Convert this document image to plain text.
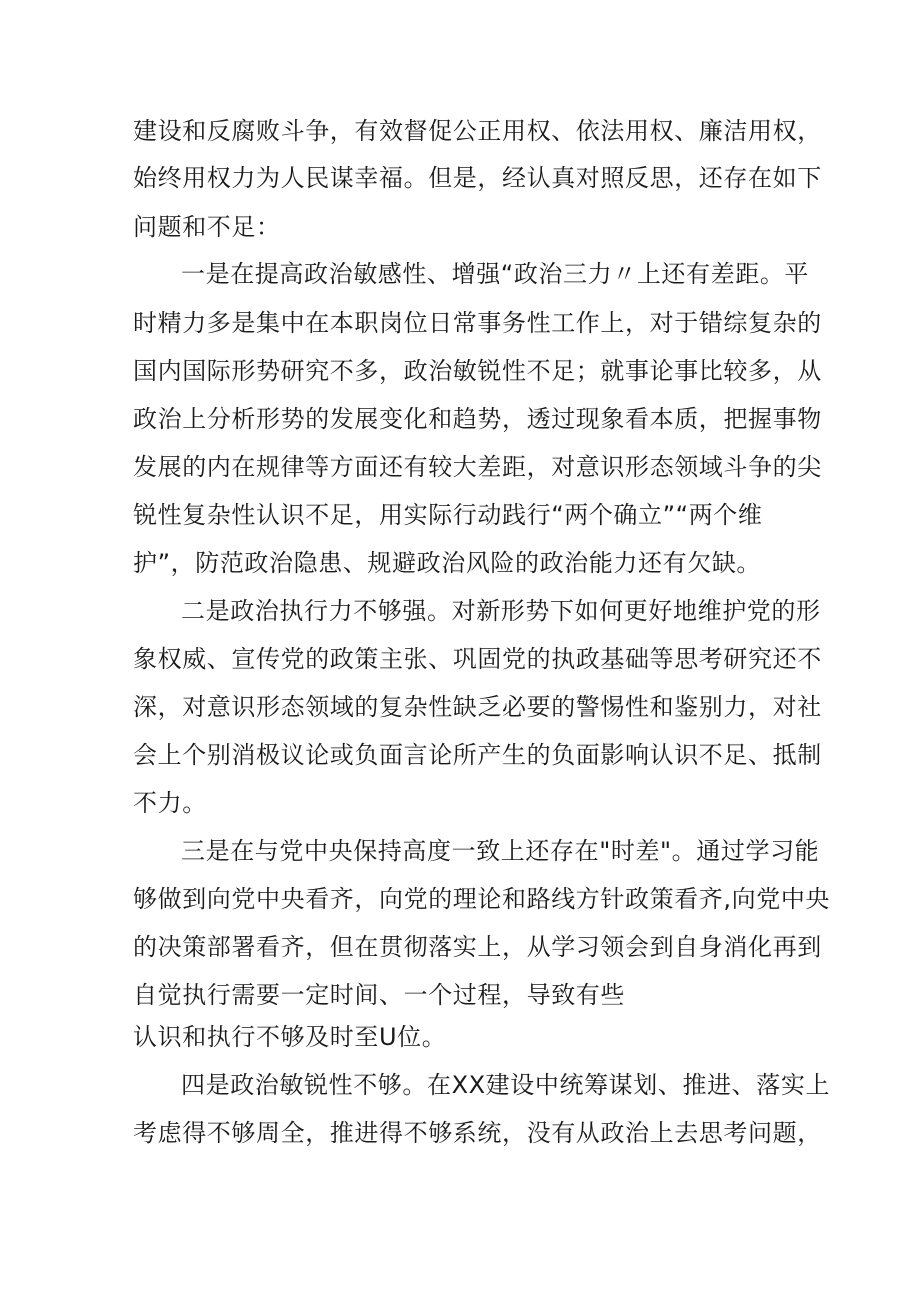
建设和反腐败斗争，有效督促公正用权、依法用权、廉洁用权，
始终用权力为人民谋幸福。但是，经认真对照反思，还存在如下
问题和不足：
一是在提高政治敏感性、增强“政治三力〃上还有差距。平
时精力多是集中在本职岗位日常事务性工作上，对于错综复杂的
国内国际形势研究不多，政治敏锐性不足；就事论事比较多，从
政治上分析形势的发展变化和趋势，透过现象看本质，把握事物
发展的内在规律等方面还有较大差距，对意识形态领域斗争的尖
锐性复杂性认识不足，用实际行动践行“两个确立”“两个维
护”，防范政治隐患、规避政治风险的政治能力还有欠缺。
二是政治执行力不够强。对新形势下如何更好地维护党的形
象权威、宣传党的政策主张、巩固党的执政基础等思考研究还不
深，对意识形态领域的复杂性缺乏必要的警惕性和鉴别力，对社
会上个别消极议论或负面言论所产生的负面影响认识不足、抵制
不力。
三是在与党中央保持高度一致上还存在"时差"。通过学习能
够做到向党中央看齐，向党的理论和路线方针政策看齐,向党中央
的决策部署看齐，但在贯彻落实上，从学习领会到自身消化再到
自觉执行需要一定时间、一个过程，导致有些
认识和执行不够及时至U位。
四是政治敏锐性不够。在XX建设中统筹谋划、推进、落实上
考虑得不够周全，推进得不够系统，没有从政治上去思考问题，
